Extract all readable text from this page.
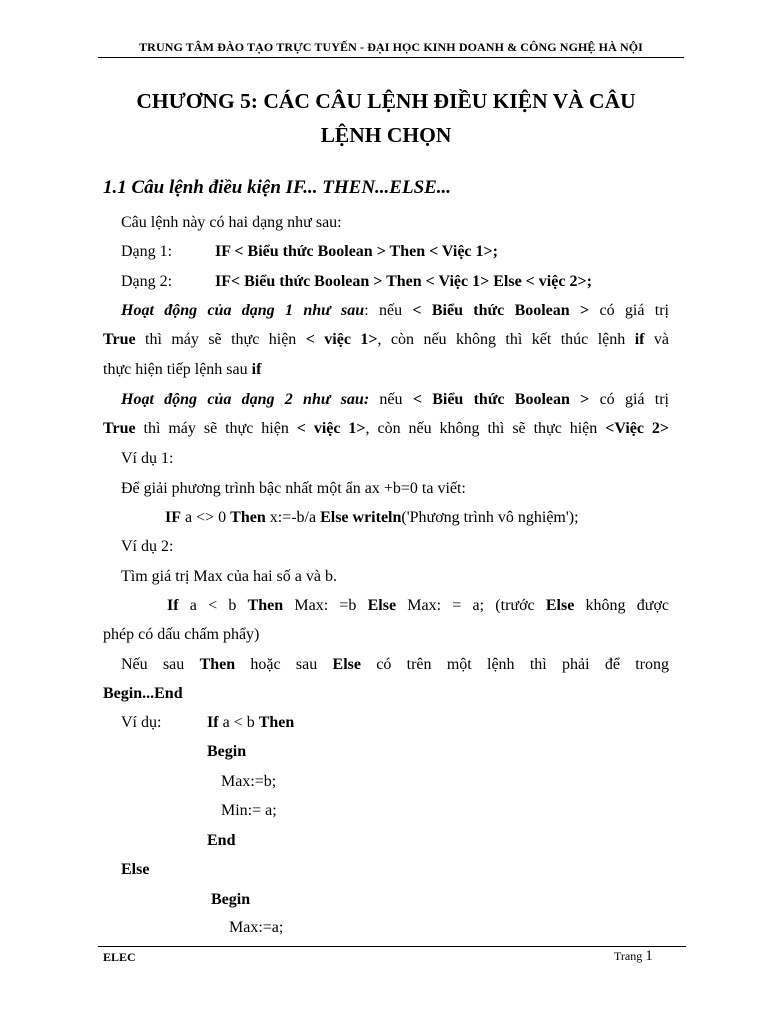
TRUNG TÂM ĐÀO TẠO TRỰC TUYẾN - ĐẠI HỌC KINH DOANH & CÔNG NGHỆ HÀ NỘI
CHƯƠNG 5: CÁC CÂU LỆNH ĐIỀU KIỆN VÀ CÂU
LỆNH CHỌN
1.1 Câu lệnh điều kiện IF... THEN...ELSE...
Câu lệnh này có hai dạng như sau:
Dạng 1:	IF < Biểu thức Boolean > Then < Việc 1>;
Dạng 2:	IF< Biểu thức Boolean > Then < Việc 1> Else < việc 2>;
Hoạt động của dạng 1 như sau: nếu < Biểu thức Boolean > có giá trị
True thì máy sẽ thực hiện < việc 1>, còn nếu không thì kết thúc lệnh if và
thực hiện tiếp lệnh sau if
Hoạt động của dạng 2 như sau: nếu < Biểu thức Boolean > có giá trị
True thì máy sẽ thực hiện < việc 1>, còn nếu không thì sẽ thực hiện <Việc 2>
Ví dụ 1:
Để giải phương trình bậc nhất một ẩn ax +b=0 ta viết:
IF a <> 0 Then x:=-b/a Else writeln('Phương trình vô nghiệm');
Ví dụ 2:
Tìm giá trị Max của hai số a và b.
If a < b Then Max: =b Else Max: = a; (trước Else không được
phép có dấu chấm phẩy)
Nếu sau Then hoặc sau Else có trên một lệnh thì phải để trong
Begin...End
Ví dụ:	If a < b Then
Begin
Max:=b;
Min:= a;
End
Else
Begin
Max:=a;
ELEC	Trang 1
